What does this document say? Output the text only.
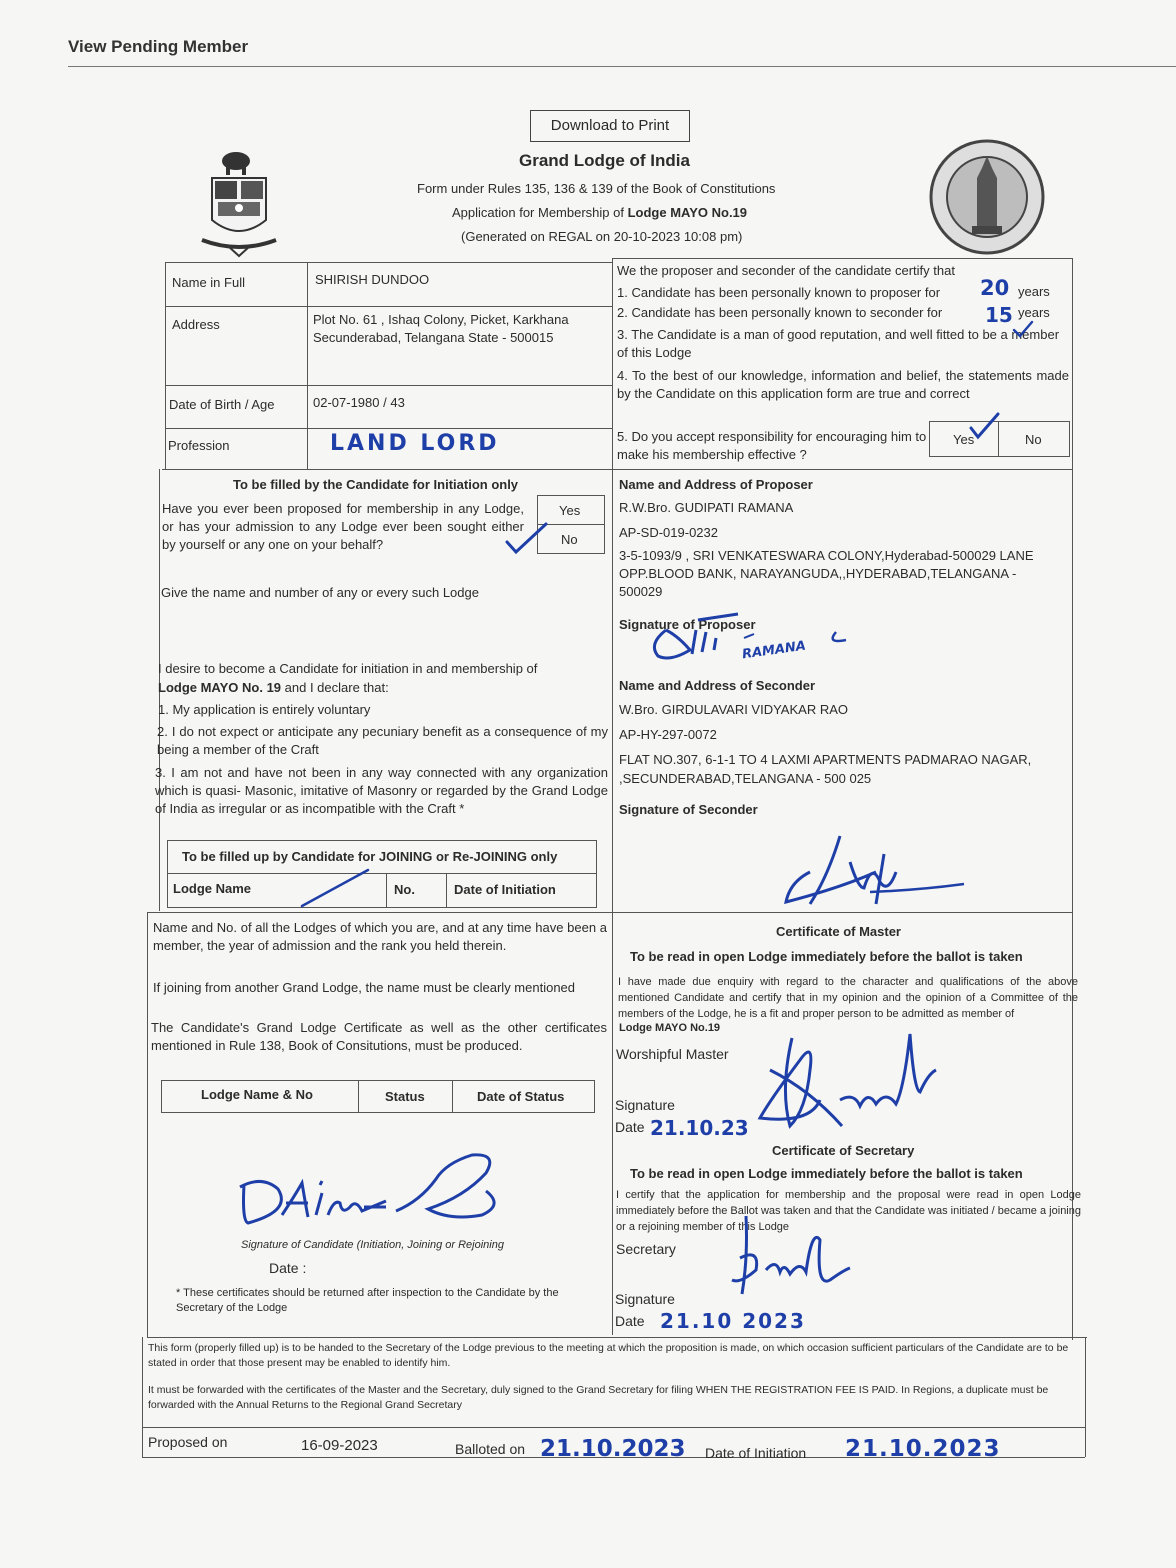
View Pending Member
Download to Print
Grand Lodge of India
Form under Rules 135, 136 & 139 of the Book of Constitutions
Application for Membership of Lodge MAYO No.19
(Generated on REGAL on 20-10-2023 10:08 pm)
Name in Full	SHIRISH DUNDOO
Address	Plot No. 61 , Ishaq Colony, Picket, Karkhana
Secunderabad, Telangana State - 500015
Date of Birth / Age	02-07-1980 / 43
Profession	LAND LORD
We the proposer and seconder of the candidate certify that
1. Candidate has been personally known to proposer for 20 years
2. Candidate has been personally known to seconder for 15 years
3. The Candidate is a man of good reputation, and well fitted to be a member of this Lodge
4. To the best of our knowledge, information and belief, the statements made by the Candidate on this application form are true and correct
5. Do you accept responsibility for encouraging him to make his membership effective ?
Yes	No
To be filled by the Candidate for Initiation only
Have you ever been proposed for membership in any Lodge, or has your admission to any Lodge ever been sought either by yourself or any one on your behalf?
Yes
No
Give the name and number of any or every such Lodge
I desire to become a Candidate for initiation in and membership of
Lodge MAYO No. 19 and I declare that:
1. My application is entirely voluntary
2. I do not expect or anticipate any pecuniary benefit as a consequence of my being a member of the Craft
3. I am not and have not been in any way connected with any organization which is quasi- Masonic, imitative of Masonry or regarded by the Grand Lodge of India as irregular or as incompatible with the Craft *
To be filled up by Candidate for JOINING or Re-JOINING only
Lodge Name	No.	Date of Initiation
Name and No. of all the Lodges of which you are, and at any time have been a member, the year of admission and the rank you held therein.
If joining from another Grand Lodge, the name must be clearly mentioned
The Candidate's Grand Lodge Certificate as well as the other certificates mentioned in Rule 138, Book of Consitutions, must be produced.
Lodge Name & No	Status	Date of Status
Signature of Candidate (Initiation, Joining or Rejoining
Date :
* These certificates should be returned after inspection to the Candidate by the Secretary of the Lodge
Name and Address of Proposer
R.W.Bro. GUDIPATI RAMANA
AP-SD-019-0232
3-5-1093/9 , SRI VENKATESWARA COLONY,Hyderabad-500029 LANE OPP.BLOOD BANK, NARAYANGUDA,,HYDERABAD,TELANGANA - 500029
Signature of Proposer
RAMANA
Name and Address of Seconder
W.Bro. GIRDULAVARI VIDYAKAR RAO
AP-HY-297-0072
FLAT NO.307, 6-1-1 TO 4 LAXMI APARTMENTS PADMARAO NAGAR,
,SECUNDERABAD,TELANGANA - 500 025
Signature of Seconder
Certificate of Master
To be read in open Lodge immediately before the ballot is taken
I have made due enquiry with regard to the character and qualifications of the above mentioned Candidate and certify that in my opinion and the opinion of a Committee of the members of the Lodge, he is a fit and proper person to be admitted as member of
Lodge MAYO No.19
Worshipful Master
Signature
Date 21.10.23
Certificate of Secretary
To be read in open Lodge immediately before the ballot is taken
I certify that the application for membership and the proposal were read in open Lodge immediately before the Ballot was taken and that the Candidate was initiated / became a joining or a rejoining member of this Lodge
Secretary
Signature
Date 21.10 2023
This form (properly filled up) is to be handed to the Secretary of the Lodge previous to the meeting at which the proposition is made, on which occasion sufficient particulars of the Candidate are to be stated in order that those present may be enabled to identify him.
It must be forwarded with the certificates of the Master and the Secretary, duly signed to the Grand Secretary for filing WHEN THE REGISTRATION FEE IS PAID. In Regions, a duplicate must be forwarded with the Annual Returns to the Regional Grand Secretary
Proposed on	16-09-2023	Balloted on 21.10.2023 Date of Initiation 21.10.2023
